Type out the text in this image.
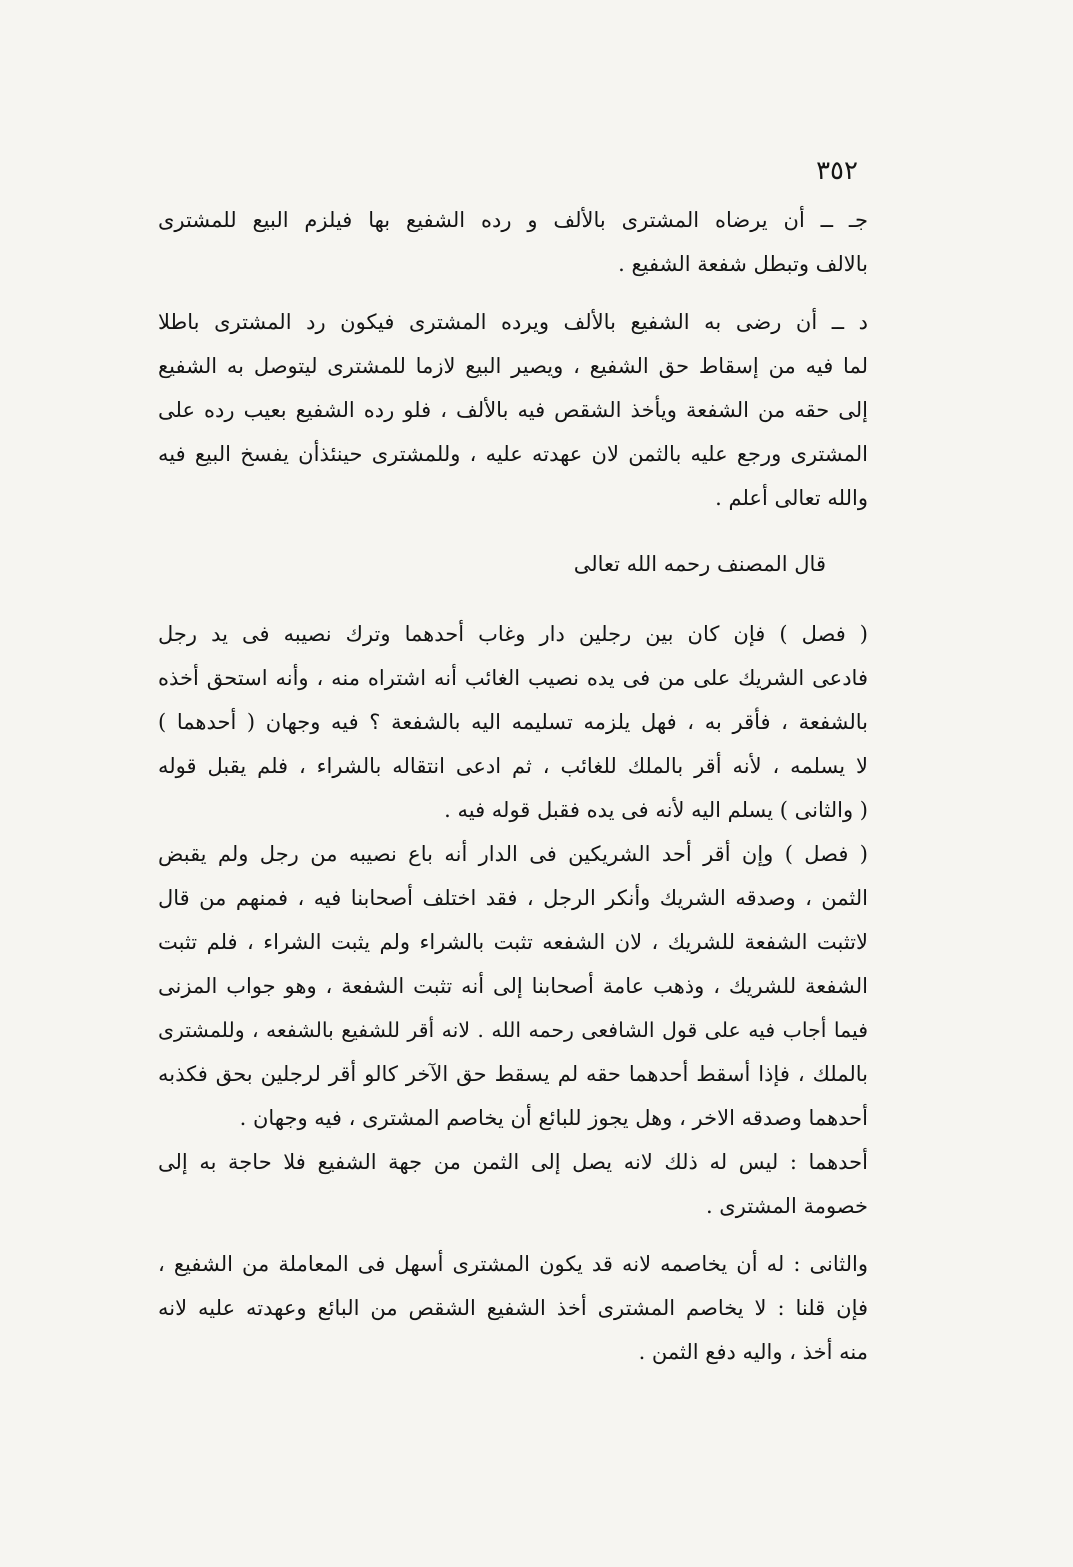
٣٥٢
جـ ــ أن يرضاه المشترى بالألف و رده الشفيع بها فيلزم البيع للمشترى
بالالف وتبطل شفعة الشفيع .
د ــ أن رضى به الشفيع بالألف ويرده المشترى فيكون رد المشترى باطلا
لما فيه من إسقاط حق الشفيع ، ويصير البيع لازما للمشترى ليتوصل به الشفيع
إلى حقه من الشفعة ويأخذ الشقص فيه بالألف ، فلو رده الشفيع بعيب رده على
المشترى ورجع عليه بالثمن لان عهدته عليه ، وللمشترى حينئذأن يفسخ البيع فيه
والله تعالى أعلم .
قال المصنف رحمه الله تعالى
( فصل ) فإن كان بين رجلين دار وغاب أحدهما وترك نصيبه فى يد رجل
فادعى الشريك على من فى يده نصيب الغائب أنه اشتراه منه ، وأنه استحق أخذه
بالشفعة ، فأقر به ، فهل يلزمه تسليمه اليه بالشفعة ؟ فيه وجهان ( أحدهما )
لا يسلمه ، لأنه أقر بالملك للغائب ، ثم ادعى انتقاله بالشراء ، فلم يقبل قوله
( والثانى ) يسلم اليه لأنه فى يده فقبل قوله فيه .
( فصل ) وإن أقر أحد الشريكين فى الدار أنه باع نصيبه من رجل ولم يقبض
الثمن ، وصدقه الشريك وأنكر الرجل ، فقد اختلف أصحابنا فيه ، فمنهم من قال
لاتثبت الشفعة للشريك ، لان الشفعه تثبت بالشراء ولم يثبت الشراء ، فلم تثبت
الشفعة للشريك ، وذهب عامة أصحابنا إلى أنه تثبت الشفعة ، وهو جواب المزنى
فيما أجاب فيه على قول الشافعى رحمه الله . لانه أقر للشفيع بالشفعه ، وللمشترى
بالملك ، فإذا أسقط أحدهما حقه لم يسقط حق الآخر كالو أقر لرجلين بحق فكذبه
أحدهما وصدقه الاخر ، وهل يجوز للبائع أن يخاصم المشترى ، فيه وجهان .
أحدهما : ليس له ذلك لانه يصل إلى الثمن من جهة الشفيع فلا حاجة به إلى
خصومة المشترى .
والثانى : له أن يخاصمه لانه قد يكون المشترى أسهل فى المعاملة من الشفيع ،
فإن قلنا : لا يخاصم المشترى أخذ الشفيع الشقص من البائع وعهدته عليه لانه
منه أخذ ، واليه دفع الثمن .
